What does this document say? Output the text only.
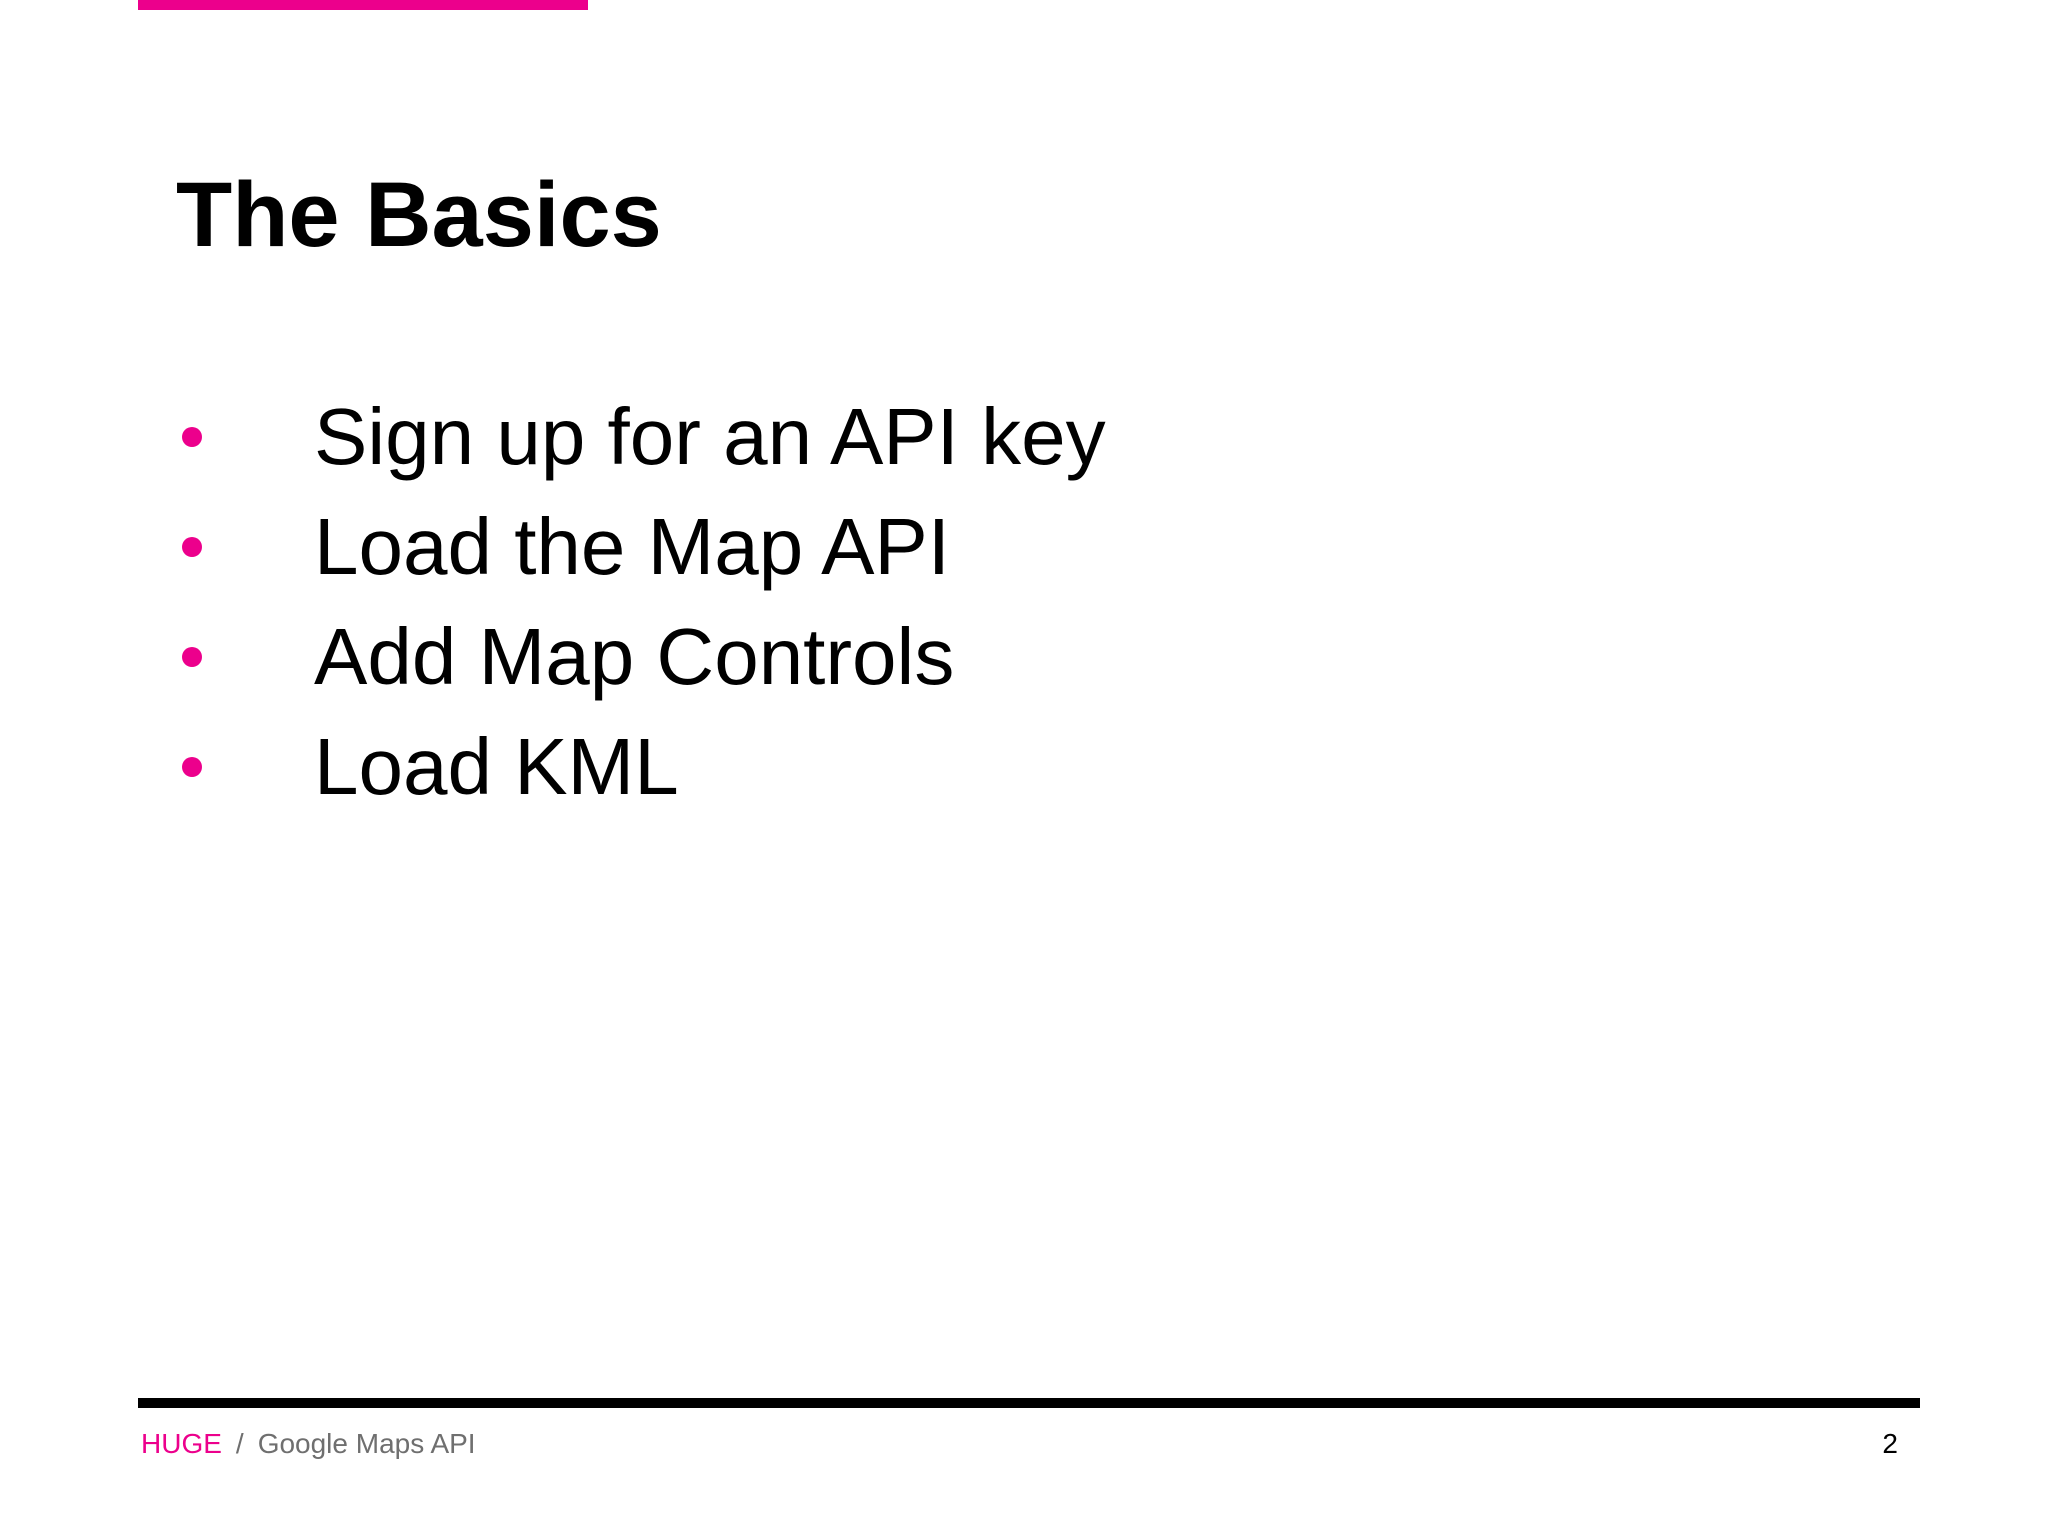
The Basics
Sign up for an API key
Load the Map API
Add Map Controls
Load KML
HUGE / Google Maps API	2
